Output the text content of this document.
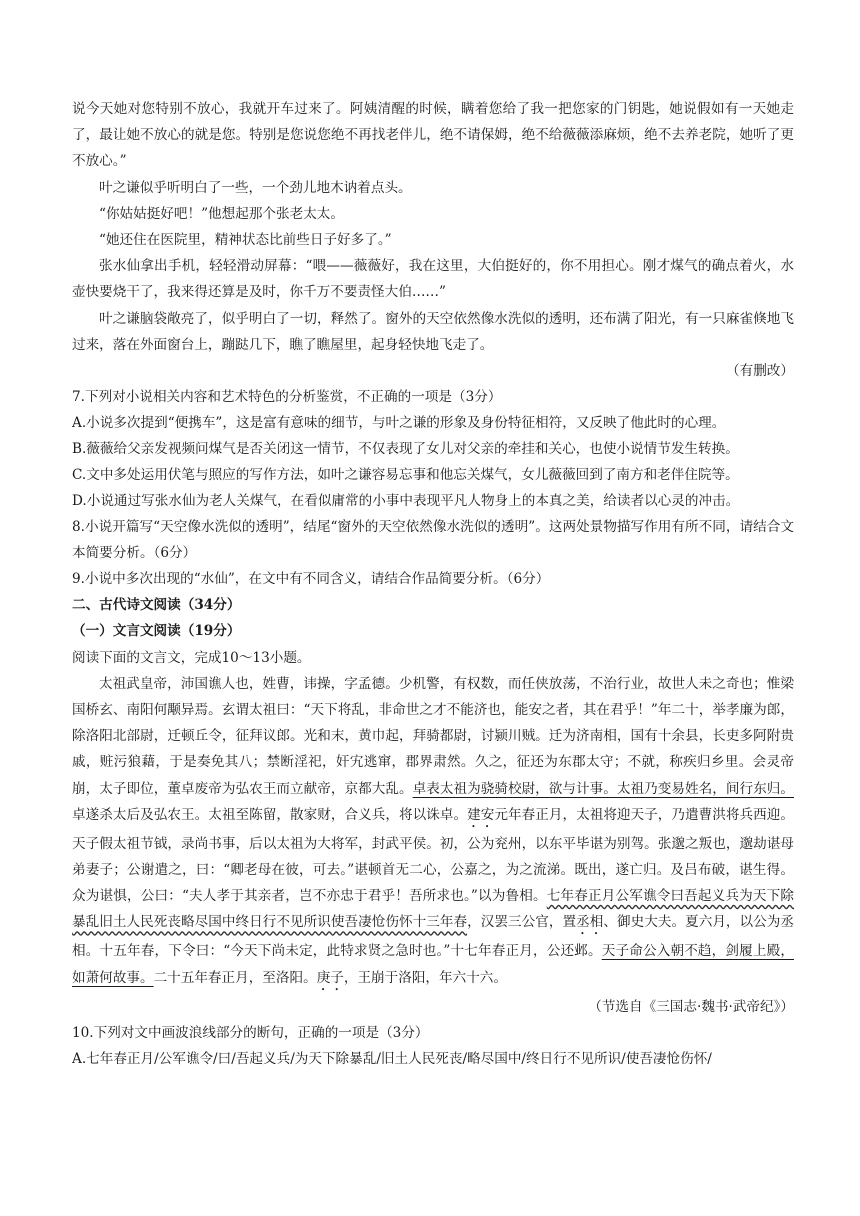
说今天她对您特别不放心，我就开车过来了。阿姨清醒的时候，瞒着您给了我一把您家的门钥匙，她说假如有一天她走了，最让她不放心的就是您。特别是您说您绝不再找老伴儿，绝不请保姆，绝不给薇薇添麻烦，绝不去养老院，她听了更不放心。”

叶之谦似乎听明白了一些，一个劲儿地木讷着点头。

“你姑姑挺好吧！”他想起那个张老太太。

“她还住在医院里，精神状态比前些日子好多了。”

张水仙拿出手机，轻轻滑动屏幕：“喂——薇薇好，我在这里，大伯挺好的，你不用担心。刚才煤气的确点着火，水壶快要烧干了，我来得还算是及时，你千万不要责怪大伯……”

叶之谦脑袋敞亮了，似乎明白了一切，释然了。窗外的天空依然像水洗似的透明，还布满了阳光，有一只麻雀倏地飞过来，落在外面窗台上，蹦跶几下，瞧了瞧屋里，起身轻快地飞走了。

（有删改）

7.下列对小说相关内容和艺术特色的分析鉴赏，不正确的一项是（3分）

A.小说多次提到“便携车”，这是富有意味的细节，与叶之谦的形象及身份特征相符，又反映了他此时的心理。

B.薇薇给父亲发视频问煤气是否关闭这一情节，不仅表现了女儿对父亲的牵挂和关心，也使小说情节发生转换。

C.文中多处运用伏笔与照应的写作方法，如叶之谦容易忘事和他忘关煤气，女儿薇薇回到了南方和老伴住院等。

D.小说通过写张水仙为老人关煤气，在看似庸常的小事中表现平凡人物身上的本真之美，给读者以心灵的冲击。

8.小说开篇写“天空像水洗似的透明”，结尾“窗外的天空依然像水洗似的透明”。这两处景物描写作用有所不同，请结合文本简要分析。（6分）

9.小说中多次出现的“水仙”，在文中有不同含义，请结合作品简要分析。（6分）

二、古代诗文阅读（34分）

（一）文言文阅读（19分）

阅读下面的文言文，完成10～13小题。

太祖武皇帝，沛国谯人也，姓曹，讳操，字孟德。少机警，有权数，而任侠放荡，不治行业，故世人未之奇也；惟梁国桥玄、南阳何颙异焉。玄谓太祖曰：“天下将乱，非命世之才不能济也，能安之者，其在君乎！”年二十，举孝廉为郎，除洛阳北部尉，迁顿丘令，征拜议郎。光和末，黄巾起，拜骑都尉，讨颍川贼。迁为济南相，国有十余县，长吏多阿附贵戚，赃污狼藉，于是奏免其八；禁断淫祀，奸宄逃窜，郡界肃然。久之，征还为东郡太守；不就，称疾归乡里。会灵帝崩，太子即位，董卓废帝为弘农王而立献帝，京都大乱。卓表太祖为骁骑校尉，欲与计事。太祖乃变易姓名，间行东归。卓遂杀太后及弘农王。太祖至陈留，散家财，合义兵，将以诛卓。建安元年春正月，太祖将迎天子，乃遣曹洪将兵西迎。天子假太祖节钺，录尚书事，后以太祖为大将军，封武平侯。初，公为兖州，以东平毕谌为别驾。张邈之叛也，邈劫谌母弟妻子；公谢遣之，曰：“卿老母在彼，可去。”谌顿首无二心，公嘉之，为之流涕。既出，遂亡归。及吕布破，谌生得。众为谌惧，公曰：“夫人孝于其亲者，岂不亦忠于君乎！吾所求也。”以为鲁相。七年春正月公军谯令曰吾起义兵为天下除暴乱旧土人民死丧略尽国中终日行不见所识使吾凄怆伤怀十三年春，汉罢三公官，置丞相、御史大夫。夏六月，以公为丞相。十五年春，下令曰：“今天下尚未定，此特求贤之急时也。”十七年春正月，公还邺。天子命公入朝不趋，剑履上殿，如萧何故事。二十五年春正月，至洛阳。庚子，王崩于洛阳，年六十六。

（节选自《三国志·魏书·武帝纪》）

10.下列对文中画波浪线部分的断句，正确的一项是（3分）

A.七年春正月/公军谯令/曰/吾起义兵/为天下除暴乱/旧土人民死丧/略尽国中/终日行不见所识/使吾凄怆伤怀/
